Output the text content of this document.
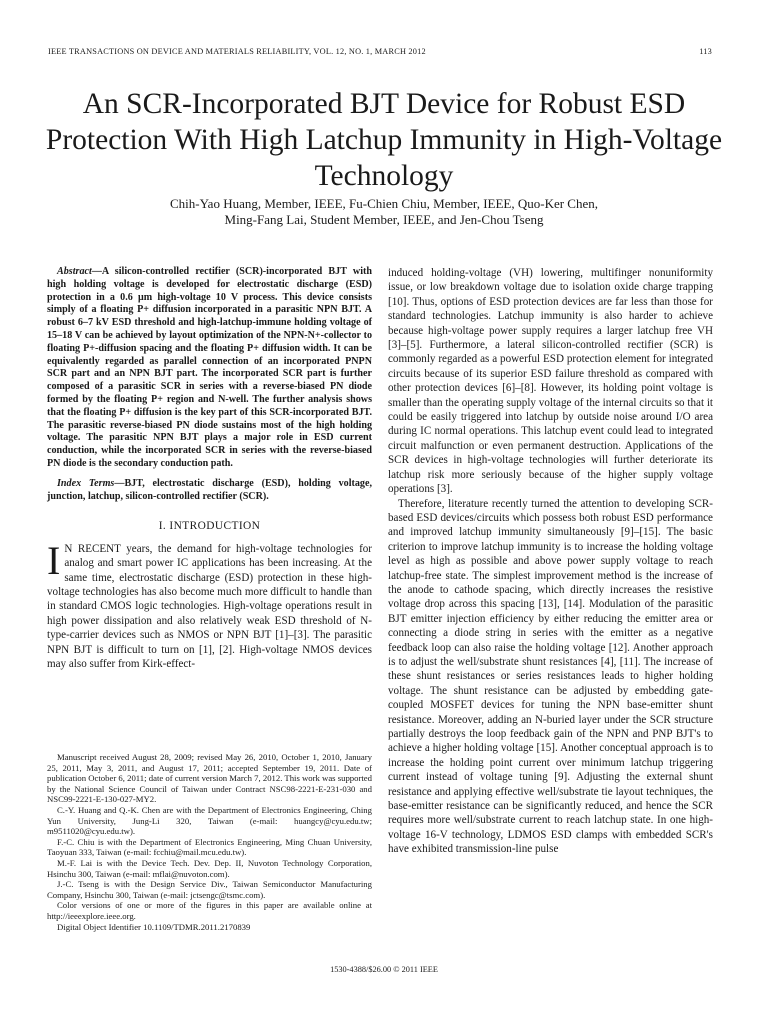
IEEE TRANSACTIONS ON DEVICE AND MATERIALS RELIABILITY, VOL. 12, NO. 1, MARCH 2012	113
An SCR-Incorporated BJT Device for Robust ESD Protection With High Latchup Immunity in High-Voltage Technology
Chih-Yao Huang, Member, IEEE, Fu-Chien Chiu, Member, IEEE, Quo-Ker Chen,
Ming-Fang Lai, Student Member, IEEE, and Jen-Chou Tseng

Abstract—A silicon-controlled rectifier (SCR)-incorporated BJT with high holding voltage is developed for electrostatic discharge (ESD) protection in a 0.6 μm high-voltage 10 V process. This device consists simply of a floating P+ diffusion incorporated in a parasitic NPN BJT. A robust 6–7 kV ESD threshold and high-latchup-immune holding voltage of 15–18 V can be achieved by layout optimization of the NPN-N+-collector to floating P+-diffusion spacing and the floating P+ diffusion width. It can be equivalently regarded as parallel connection of an incorporated PNPN SCR part and an NPN BJT part. The incorporated SCR part is further composed of a parasitic SCR in series with a reverse-biased PN diode formed by the floating P+ region and N-well. The further analysis shows that the floating P+ diffusion is the key part of this SCR-incorporated BJT. The parasitic reverse-biased PN diode sustains most of the high holding voltage. The parasitic NPN BJT plays a major role in ESD current conduction, while the incorporated SCR in series with the reverse-biased PN diode is the secondary conduction path.

Index Terms—BJT, electrostatic discharge (ESD), holding voltage, junction, latchup, silicon-controlled rectifier (SCR).

I. INTRODUCTION

I N RECENT years, the demand for high-voltage technologies for analog and smart power IC applications has been increasing. At the same time, electrostatic discharge (ESD) protection in these high-voltage technologies has also become much more difficult to handle than in standard CMOS logic technologies. High-voltage operations result in high power dissipation and also relatively weak ESD threshold of N-type-carrier devices such as NMOS or NPN BJT [1]–[3]. The parasitic NPN BJT is difficult to turn on [1], [2]. High-voltage NMOS devices may also suffer from Kirk-effect-

Manuscript received August 28, 2009; revised May 26, 2010, October 1, 2010, January 25, 2011, May 3, 2011, and August 17, 2011; accepted September 19, 2011. Date of publication October 6, 2011; date of current version March 7, 2012. This work was supported by the National Science Council of Taiwan under Contract NSC98-2221-E-231-030 and NSC99-2221-E-130-027-MY2.

C.-Y. Huang and Q.-K. Chen are with the Department of Electronics Engineering, Ching Yun University, Jung-Li 320, Taiwan (e-mail: huangcy@cyu.edu.tw; m9511020@cyu.edu.tw).

F.-C. Chiu is with the Department of Electronics Engineering, Ming Chuan University, Taoyuan 333, Taiwan (e-mail: fcchiu@mail.mcu.edu.tw).

M.-F. Lai is with the Device Tech. Dev. Dep. II, Nuvoton Technology Corporation, Hsinchu 300, Taiwan (e-mail: mflai@nuvoton.com).

J.-C. Tseng is with the Design Service Div., Taiwan Semiconductor Manufacturing Company, Hsinchu 300, Taiwan (e-mail: jctsengc@tsmc.com).

Color versions of one or more of the figures in this paper are available online at http://ieeexplore.ieee.org.

Digital Object Identifier 10.1109/TDMR.2011.2170839

induced holding-voltage (VH) lowering, multifinger nonuniformity issue, or low breakdown voltage due to isolation oxide charge trapping [10]. Thus, options of ESD protection devices are far less than those for standard technologies. Latchup immunity is also harder to achieve because high-voltage power supply requires a larger latchup free VH [3]–[5]. Furthermore, a lateral silicon-controlled rectifier (SCR) is commonly regarded as a powerful ESD protection element for integrated circuits because of its superior ESD failure threshold as compared with other protection devices [6]–[8]. However, its holding point voltage is smaller than the operating supply voltage of the internal circuits so that it could be easily triggered into latchup by outside noise around I/O area during IC normal operations. This latchup event could lead to integrated circuit malfunction or even permanent destruction. Applications of the SCR devices in high-voltage technologies will further deteriorate its latchup risk more seriously because of the higher supply voltage operations [3].

Therefore, literature recently turned the attention to developing SCR-based ESD devices/circuits which possess both robust ESD performance and improved latchup immunity simultaneously [9]–[15]. The basic criterion to improve latchup immunity is to increase the holding voltage level as high as possible and above power supply voltage to reach latchup-free state. The simplest improvement method is the increase of the anode to cathode spacing, which directly increases the resistive voltage drop across this spacing [13], [14]. Modulation of the parasitic BJT emitter injection efficiency by either reducing the emitter area or connecting a diode string in series with the emitter as a negative feedback loop can also raise the holding voltage [12]. Another approach is to adjust the well/substrate shunt resistances [4], [11]. The increase of these shunt resistances or series resistances leads to higher holding voltage. The shunt resistance can be adjusted by embedding gate-coupled MOSFET devices for tuning the NPN base-emitter shunt resistance. Moreover, adding an N-buried layer under the SCR structure partially destroys the loop feedback gain of the NPN and PNP BJT's to achieve a higher holding voltage [15]. Another conceptual approach is to increase the holding point current over minimum latchup triggering current instead of voltage tuning [9]. Adjusting the external shunt resistance and applying effective well/substrate tie layout techniques, the base-emitter resistance can be significantly reduced, and hence the SCR requires more well/substrate current to reach latchup state. In one high-voltage 16-V technology, LDMOS ESD clamps with embedded SCR's have exhibited transmission-line pulse

1530-4388/$26.00 © 2011 IEEE
